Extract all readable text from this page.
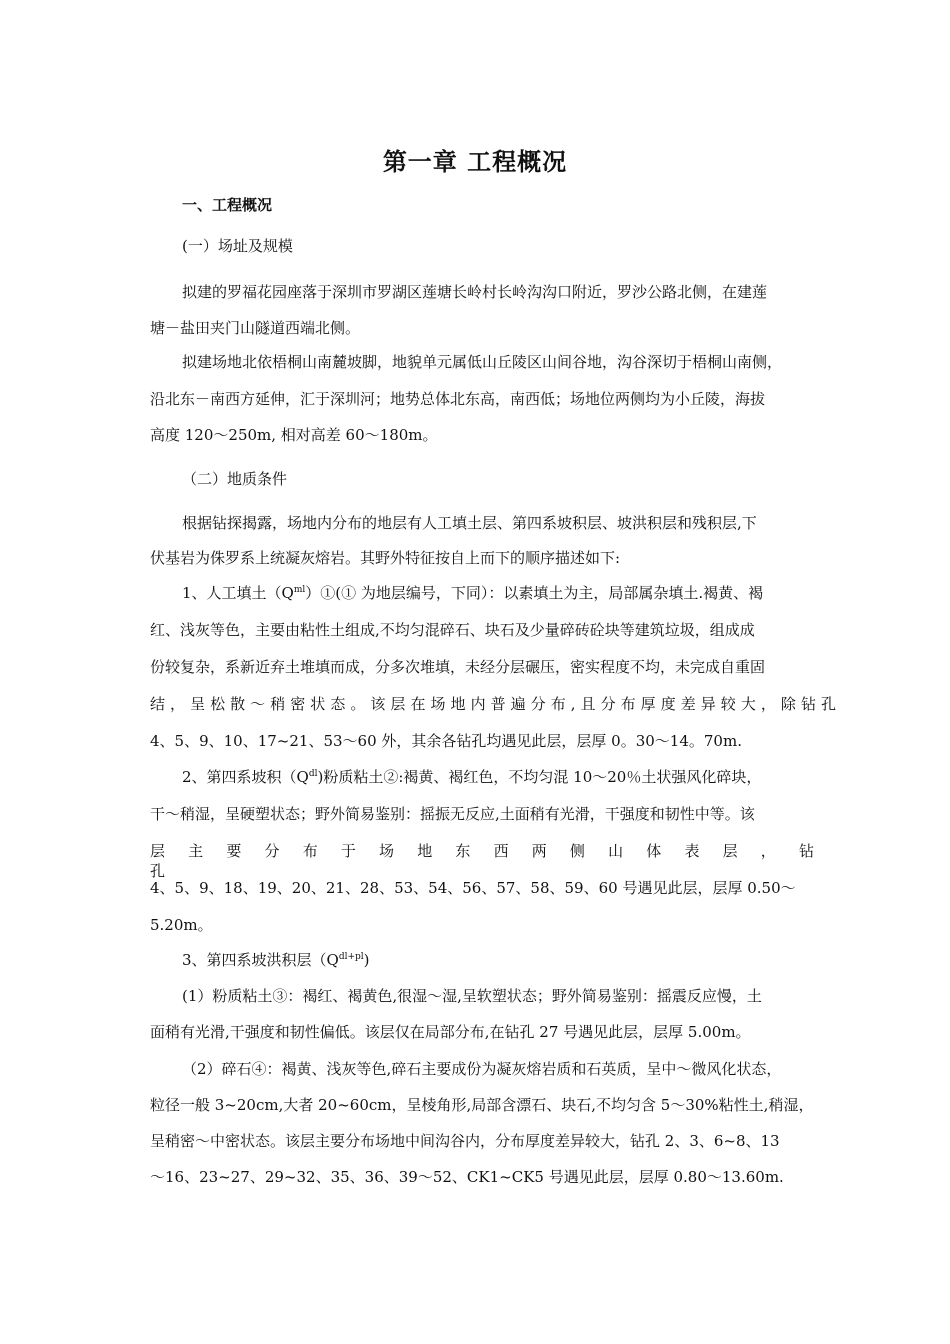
第一章 工程概况
一、工程概况
(一）场址及规模
拟建的罗福花园座落于深圳市罗湖区莲塘长岭村长岭沟沟口附近，罗沙公路北侧，在建莲
塘－盐田夹门山隧道西端北侧。
拟建场地北依梧桐山南麓坡脚，地貌单元属低山丘陵区山间谷地，沟谷深切于梧桐山南侧，
沿北东－南西方延伸，汇于深圳河；地势总体北东高，南西低；场地位两侧均为小丘陵，海拔
高度 120～250m, 相对高差 60～180m。
（二）地质条件
根据钻探揭露，场地内分布的地层有人工填土层、第四系坡积层、坡洪积层和残积层,下
伏基岩为侏罗系上统凝灰熔岩。其野外特征按自上而下的顺序描述如下:
1、人工填土$(Q^{ml})①(①$ 为地层编号，下同）：以素填土为主，局部属杂填土.褐黄、褐
红、浅灰等色，主要由粘性土组成,不均匀混碎石、块石及少量碎砖砼块等建筑垃圾，组成成
份较复杂，系新近弃土堆填而成，分多次堆填，未经分层碾压，密实程度不均，未完成自重固
结，呈松散～稍密状态。该层在场地内普遍分布,且分布厚度差异较大，除钻孔
4、5、9、10、17~21、53～60 外，其余各钻孔均遇见此层，层厚 0。30～14。70m.
2、第四系坡积$(Q^{dl})$粉质粘土②:褐黄、褐红色，不均匀混 10～20％土状强风化碎块，
干～稍湿，呈硬塑状态；野外简易鉴别：摇振无反应,土面稍有光滑，干强度和韧性中等。该
层主要分布于场地东西两侧山体表层，钻孔
4、5、9、18、19、20、21、28、53、54、56、57、58、59、60 号遇见此层，层厚 0.50～
5.20m。
3、第四系坡洪积层$(Q^{dl+pl})$
(1）粉质粘土③：褐红、褐黄色,很湿～湿,呈软塑状态；野外简易鉴别：摇震反应慢，土
面稍有光滑,干强度和韧性偏低。该层仅在局部分布,在钻孔 27 号遇见此层，层厚 5.00m。
（2）碎石④：褐黄、浅灰等色,碎石主要成份为凝灰熔岩质和石英质，呈中～微风化状态，
粒径一般 3~20cm,大者 20~60cm，呈棱角形,局部含漂石、块石,不均匀含 5～30%粘性土,稍湿，
呈稍密～中密状态。该层主要分布场地中间沟谷内，分布厚度差异较大，钻孔 2、3、6~8、13
～16、23~27、29~32、35、36、39～52、CK1~CK5 号遇见此层，层厚 0.80～13.60m.
